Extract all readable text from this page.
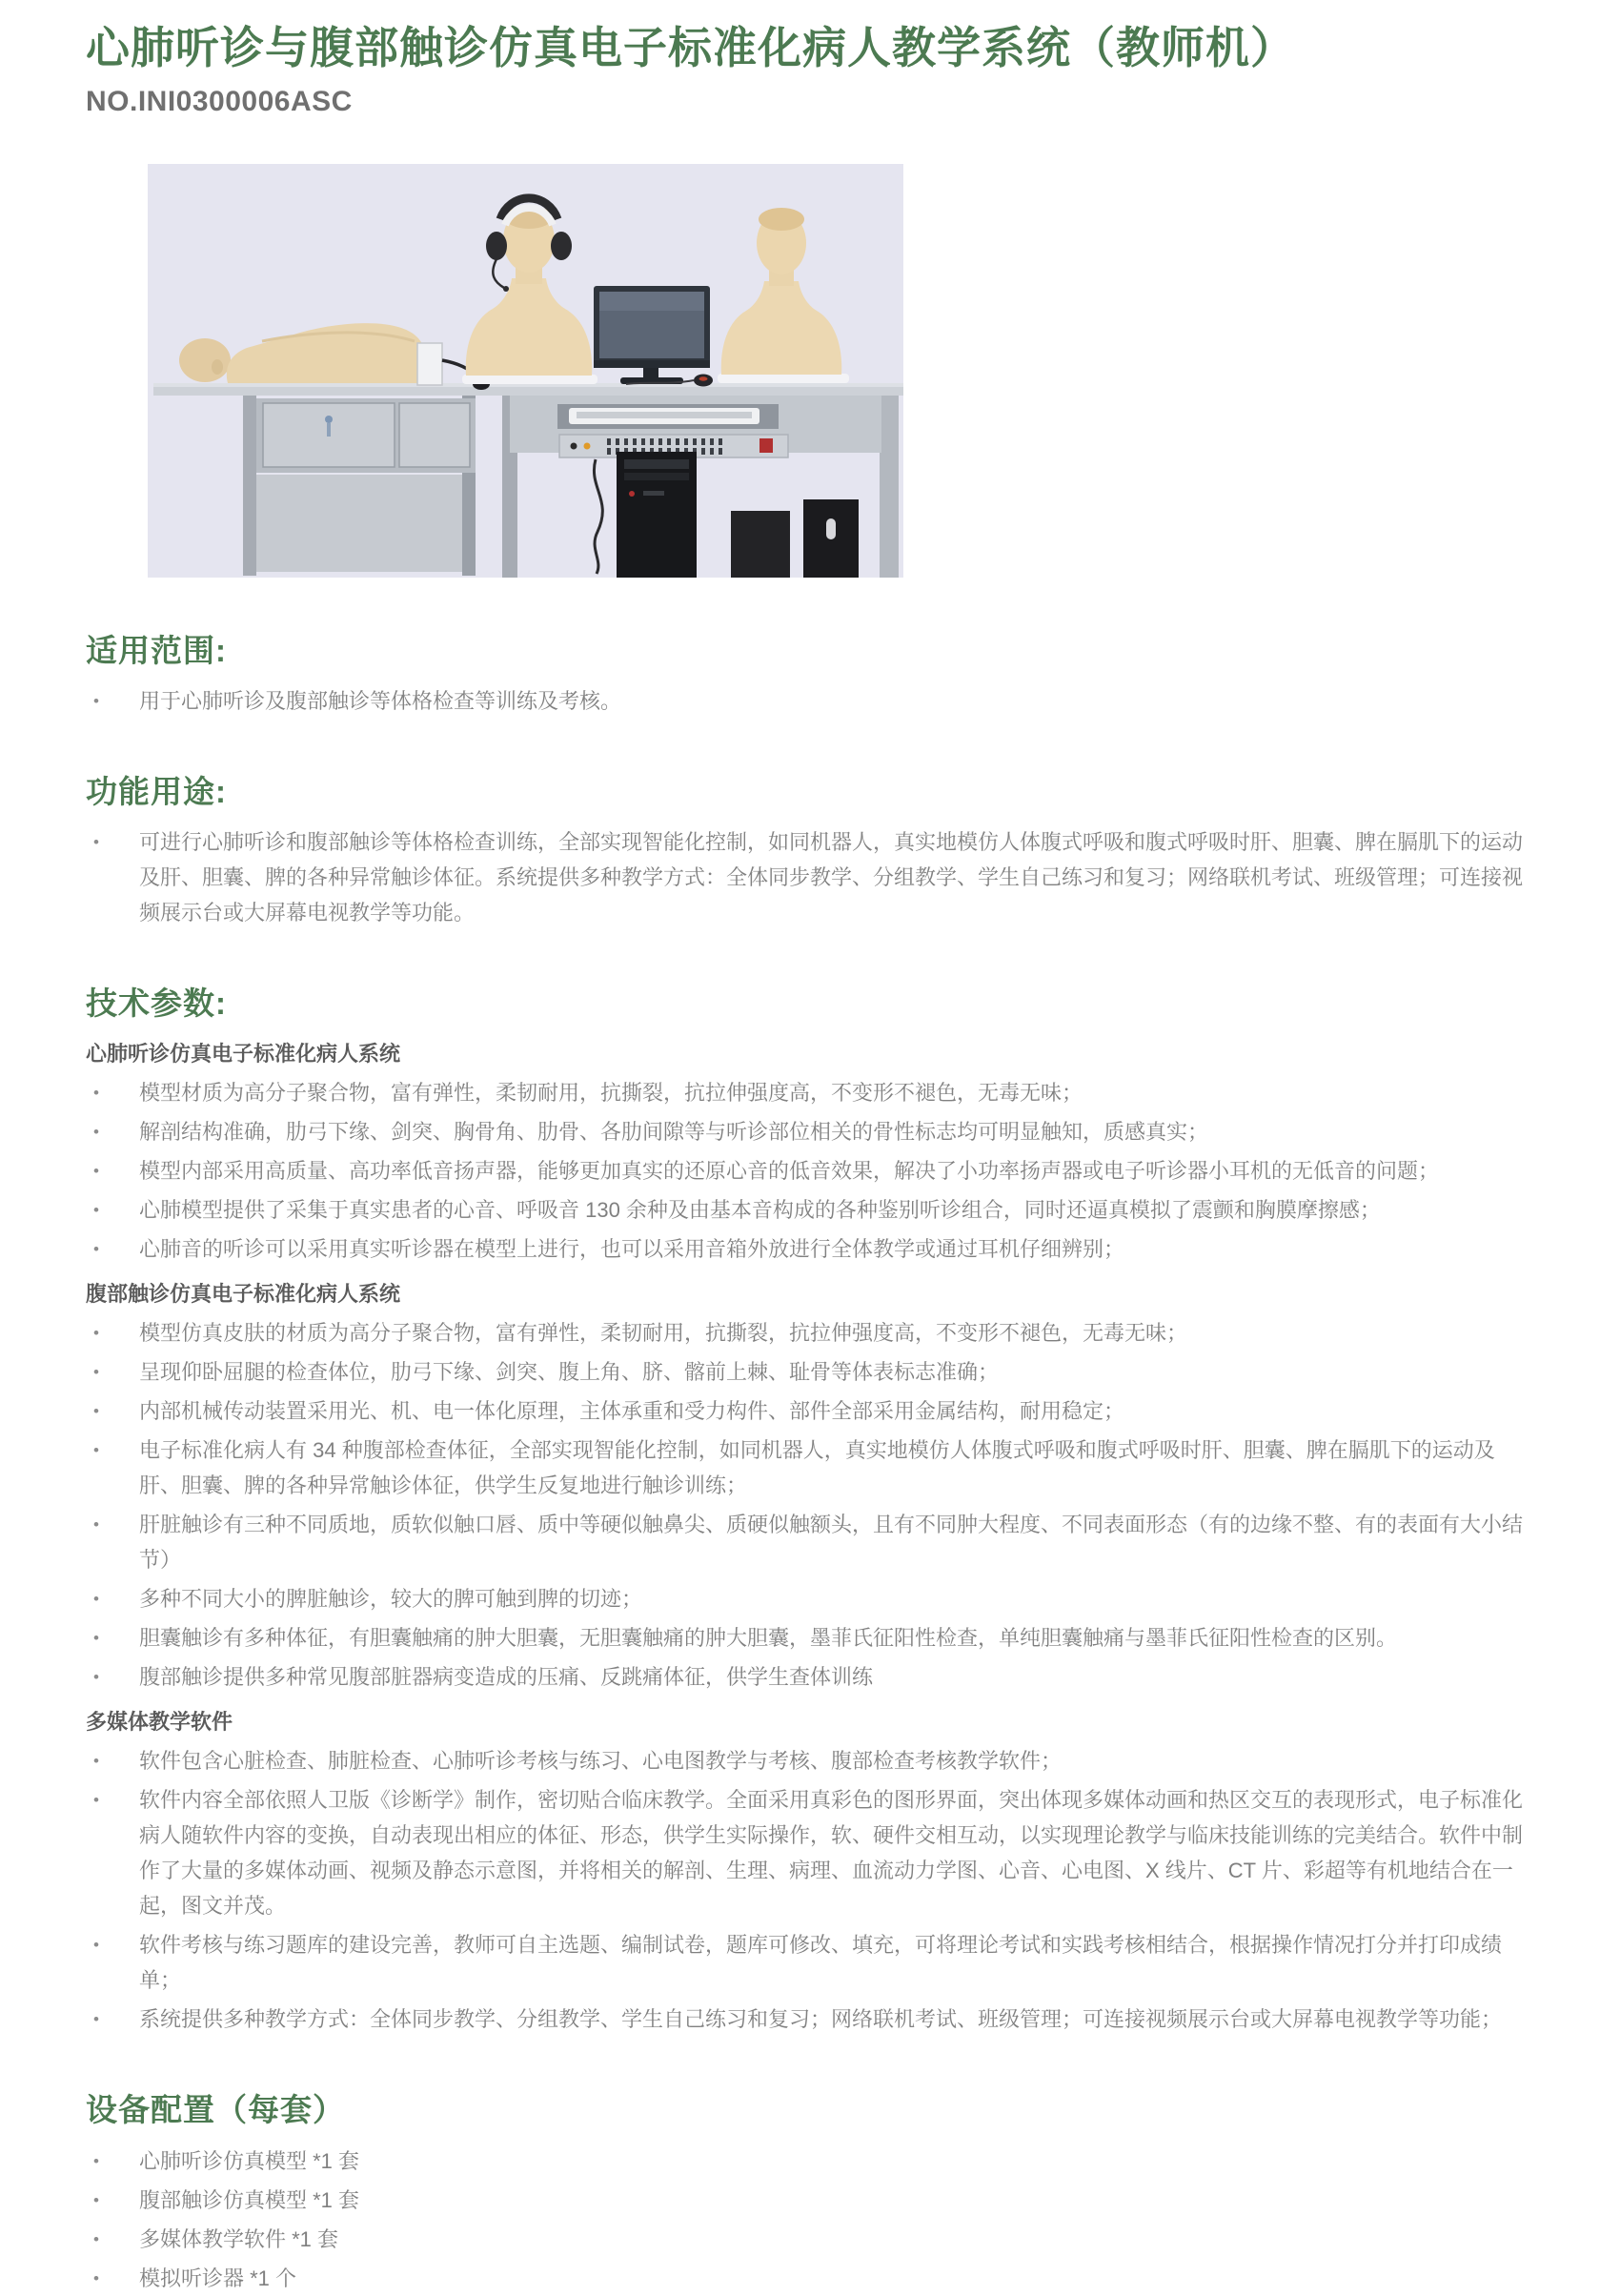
心肺听诊与腹部触诊仿真电子标准化病人教学系统（教师机）
NO.INI0300006ASC
适用范围:
•	用于心肺听诊及腹部触诊等体格检查等训练及考核。
功能用途:
•	可进行心肺听诊和腹部触诊等体格检查训练，全部实现智能化控制，如同机器人，真实地模仿人体腹式呼吸和腹式呼吸时肝、胆囊、脾在膈肌下的运动及肝、胆囊、脾的各种异常触诊体征。系统提供多种教学方式：全体同步教学、分组教学、学生自己练习和复习；网络联机考试、班级管理；可连接视频展示台或大屏幕电视教学等功能。
技术参数:
心肺听诊仿真电子标准化病人系统
•	模型材质为高分子聚合物，富有弹性，柔韧耐用，抗撕裂，抗拉伸强度高，不变形不褪色，无毒无味；
•	解剖结构准确，肋弓下缘、剑突、胸骨角、肋骨、各肋间隙等与听诊部位相关的骨性标志均可明显触知，质感真实；
•	模型内部采用高质量、高功率低音扬声器，能够更加真实的还原心音的低音效果，解决了小功率扬声器或电子听诊器小耳机的无低音的问题；
•	心肺模型提供了采集于真实患者的心音、呼吸音 130 余种及由基本音构成的各种鉴别听诊组合，同时还逼真模拟了震颤和胸膜摩擦感；
•	心肺音的听诊可以采用真实听诊器在模型上进行，也可以采用音箱外放进行全体教学或通过耳机仔细辨别；
腹部触诊仿真电子标准化病人系统
•	模型仿真皮肤的材质为高分子聚合物，富有弹性，柔韧耐用，抗撕裂，抗拉伸强度高，不变形不褪色，无毒无味；
•	呈现仰卧屈腿的检查体位，肋弓下缘、剑突、腹上角、脐、髂前上棘、耻骨等体表标志准确；
•	内部机械传动装置采用光、机、电一体化原理，主体承重和受力构件、部件全部采用金属结构，耐用稳定；
•	电子标准化病人有 34 种腹部检查体征，全部实现智能化控制，如同机器人，真实地模仿人体腹式呼吸和腹式呼吸时肝、胆囊、脾在膈肌下的运动及肝、胆囊、脾的各种异常触诊体征，供学生反复地进行触诊训练；
•	肝脏触诊有三种不同质地，质软似触口唇、质中等硬似触鼻尖、质硬似触额头，且有不同肿大程度、不同表面形态（有的边缘不整、有的表面有大小结节）
•	多种不同大小的脾脏触诊，较大的脾可触到脾的切迹；
•	胆囊触诊有多种体征，有胆囊触痛的肿大胆囊，无胆囊触痛的肿大胆囊，墨菲氏征阳性检查，单纯胆囊触痛与墨菲氏征阳性检查的区别。
•	腹部触诊提供多种常见腹部脏器病变造成的压痛、反跳痛体征，供学生查体训练
多媒体教学软件
•	软件包含心脏检查、肺脏检查、心肺听诊考核与练习、心电图教学与考核、腹部检查考核教学软件；
•	软件内容全部依照人卫版《诊断学》制作，密切贴合临床教学。全面采用真彩色的图形界面，突出体现多媒体动画和热区交互的表现形式，电子标准化病人随软件内容的变换，自动表现出相应的体征、形态，供学生实际操作，软、硬件交相互动，以实现理论教学与临床技能训练的完美结合。软件中制作了大量的多媒体动画、视频及静态示意图，并将相关的解剖、生理、病理、血流动力学图、心音、心电图、X 线片、CT 片、彩超等有机地结合在一起，图文并茂。
•	软件考核与练习题库的建设完善，教师可自主选题、编制试卷，题库可修改、填充，可将理论考试和实践考核相结合，根据操作情况打分并打印成绩单；
•	系统提供多种教学方式：全体同步教学、分组教学、学生自己练习和复习；网络联机考试、班级管理；可连接视频展示台或大屏幕电视教学等功能；
设备配置（每套）
•	心肺听诊仿真模型 *1 套
•	腹部触诊仿真模型 *1 套
•	多媒体教学软件 *1 套
•	模拟听诊器 *1 个
